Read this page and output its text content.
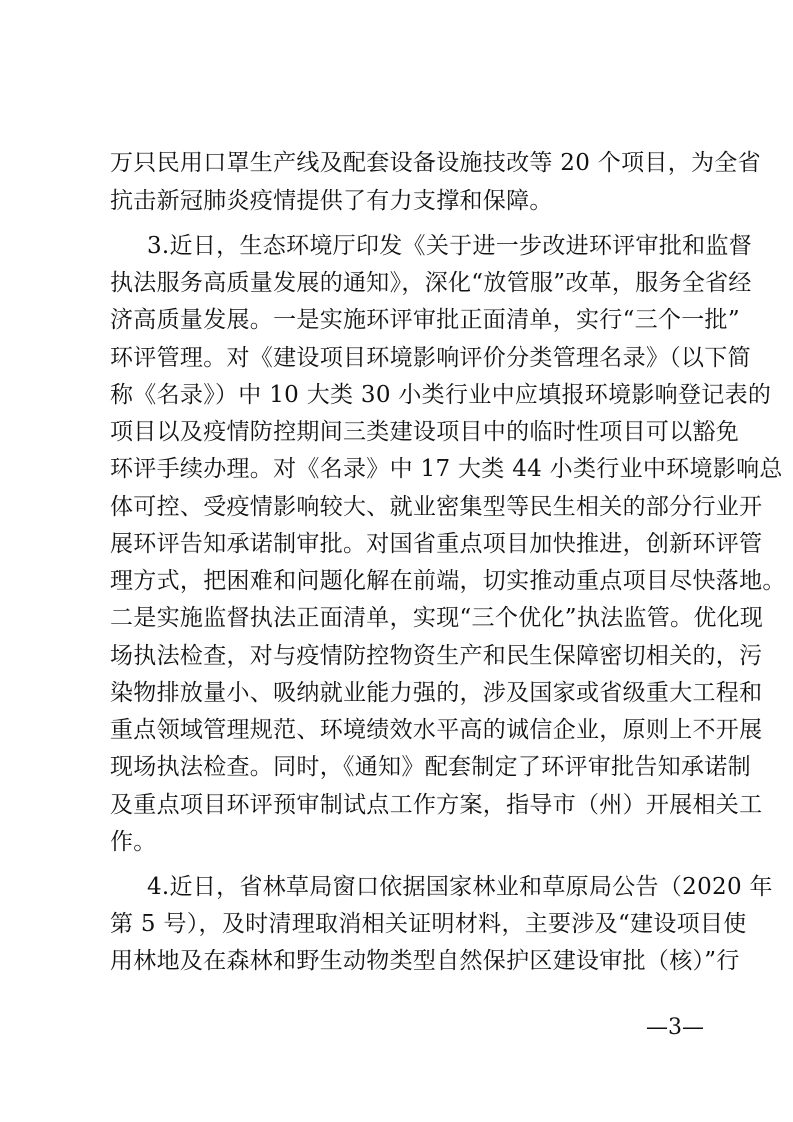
万只民用口罩生产线及配套设备设施技改等 20 个项目，为全省
抗击新冠肺炎疫情提供了有力支撑和保障。
3.近日，生态环境厅印发《关于进一步改进环评审批和监督
执法服务高质量发展的通知》，深化“放管服”改革，服务全省经
济高质量发展。一是实施环评审批正面清单，实行“三个一批”
环评管理。对《建设项目环境影响评价分类管理名录》（以下简
称《名录》）中 10 大类 30 小类行业中应填报环境影响登记表的
项目以及疫情防控期间三类建设项目中的临时性项目可以豁免
环评手续办理。对《名录》中 17 大类 44 小类行业中环境影响总
体可控、受疫情影响较大、就业密集型等民生相关的部分行业开
展环评告知承诺制审批。对国省重点项目加快推进，创新环评管
理方式，把困难和问题化解在前端，切实推动重点项目尽快落地。
二是实施监督执法正面清单，实现“三个优化”执法监管。优化现
场执法检查，对与疫情防控物资生产和民生保障密切相关的，污
染物排放量小、吸纳就业能力强的，涉及国家或省级重大工程和
重点领域管理规范、环境绩效水平高的诚信企业，原则上不开展
现场执法检查。同时，《通知》配套制定了环评审批告知承诺制
及重点项目环评预审制试点工作方案，指导市（州）开展相关工
作。
4.近日，省林草局窗口依据国家林业和草原局公告（2020 年
第 5 号），及时清理取消相关证明材料，主要涉及“建设项目使
用林地及在森林和野生动物类型自然保护区建设审批（核）”行
—3—
